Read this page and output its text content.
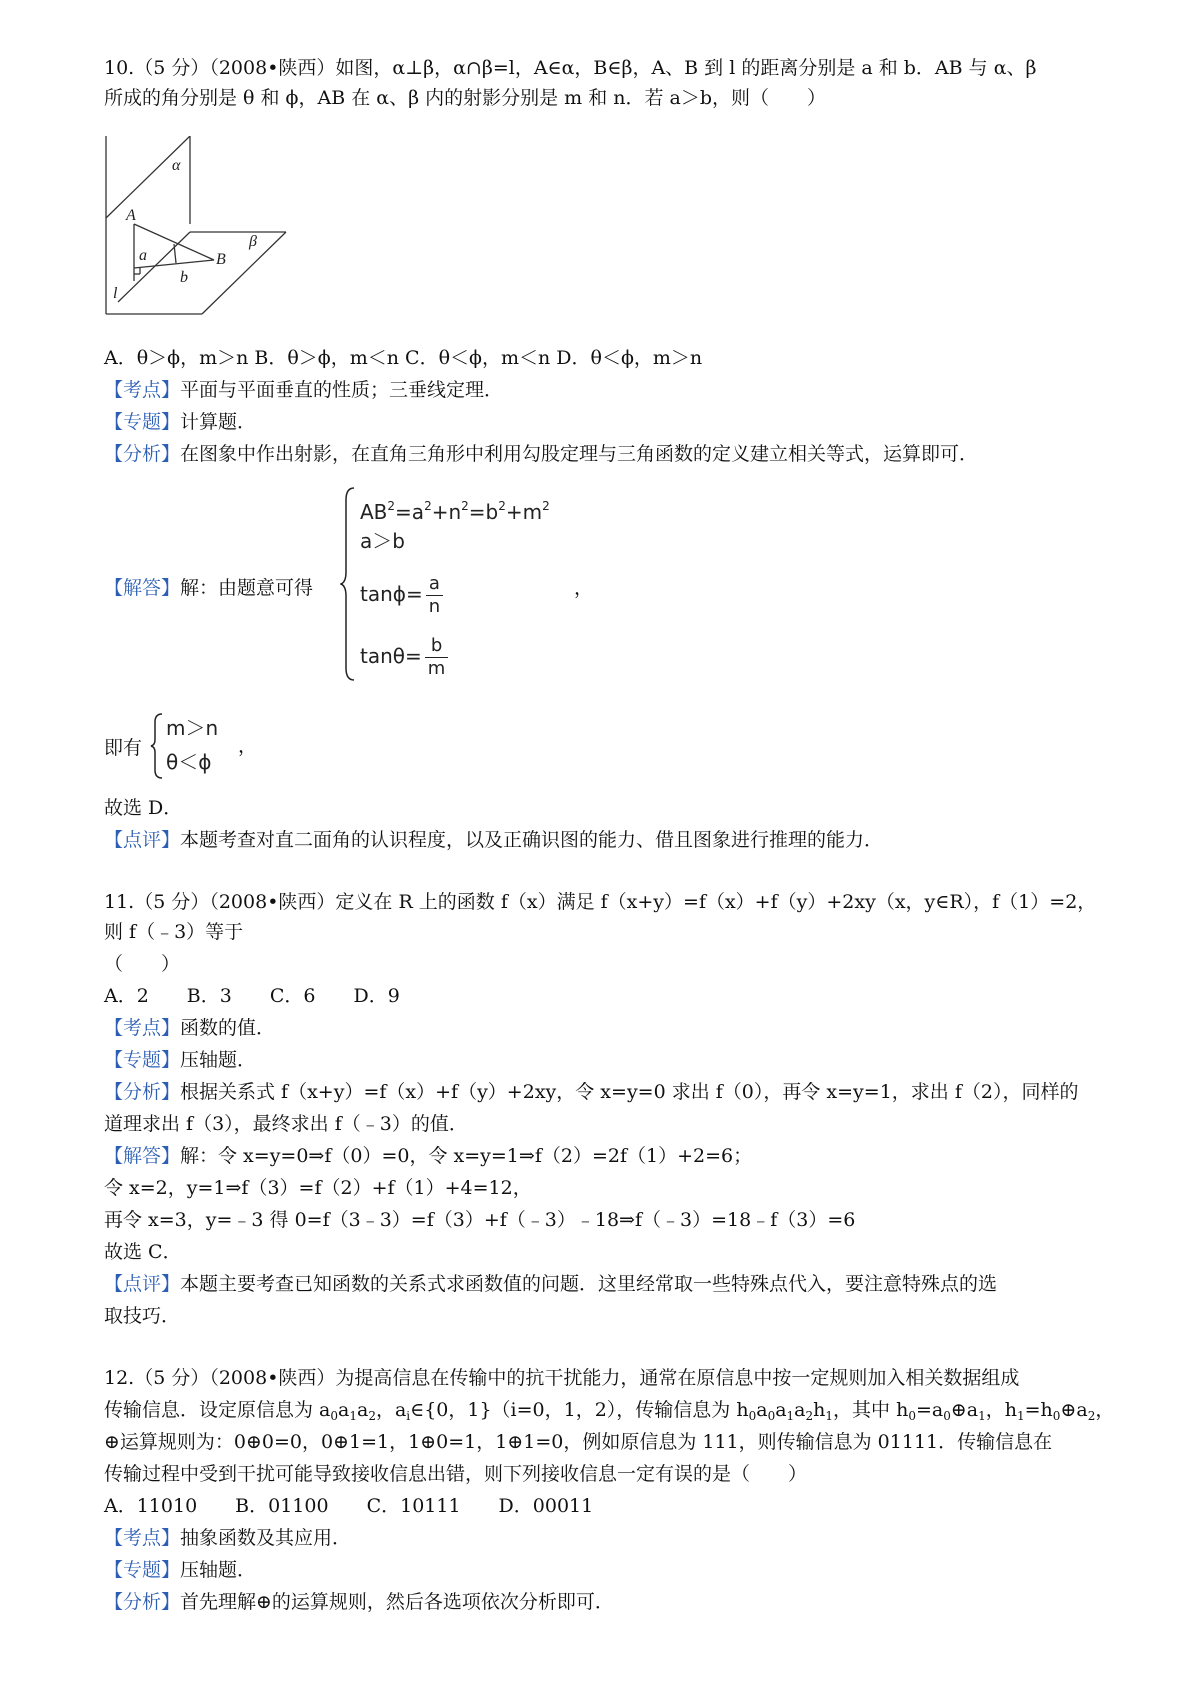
10.（5 分）（2008•陕西）如图，α⊥β，α∩β=l，A∈α，B∈β，A、B 到 l 的距离分别是 a 和 b．AB 与 α、β
所成的角分别是 θ 和 ϕ，AB 在 α、β 内的射影分别是 m 和 n．若 a＞b，则（　　）
α
β
A
B
a
b
l
A．θ＞ϕ，m＞n B．θ＞ϕ，m＜n C．θ＜ϕ，m＜n D．θ＜ϕ，m＞n
【考点】平面与平面垂直的性质；三垂线定理．
【专题】计算题．
【分析】在图象中作出射影，在直角三角形中利用勾股定理与三角函数的定义建立相关等式，运算即可．
【解答】解：由题意可得
$AB^2=a^2+n^2=b^2+m^2$
a＞b
$\tan\phi= \frac{a}{n}$
$\tan\theta= \frac{b}{m}$
，
即有
m＞n
θ＜ϕ
，
故选 D．
【点评】本题考查对直二面角的认识程度，以及正确识图的能力、借且图象进行推理的能力．
11.（5 分）（2008•陕西）定义在 R 上的函数 f（x）满足 f（x+y）=f（x）+f（y）+2xy（x，y∈R），f（1）=2，
则 f（﹣3）等于
（　　）
A．2　　B．3　　C．6　　D．9
【考点】函数的值．
【专题】压轴题．
【分析】根据关系式 f（x+y）=f（x）+f（y）+2xy，令 x=y=0 求出 f（0），再令 x=y=1，求出 f（2），同样的
道理求出 f（3），最终求出 f（﹣3）的值．
【解答】解：令 x=y=0⇒f（0）=0，令 x=y=1⇒f（2）=2f（1）+2=6；
令 x=2，y=1⇒f（3）=f（2）+f（1）+4=12，
再令 x=3，y=﹣3 得 0=f（3﹣3）=f（3）+f（﹣3）﹣18⇒f（﹣3）=18﹣f（3）=6
故选 C．
【点评】本题主要考查已知函数的关系式求函数值的问题．这里经常取一些特殊点代入，要注意特殊点的选
取技巧．
12.（5 分）（2008•陕西）为提高信息在传输中的抗干扰能力，通常在原信息中按一定规则加入相关数据组成
传输信息．设定原信息为 $a_0a_1a_2$，$a_i\in\{0$，1}（i=0，1，2），传输信息为 $h_0a_0a_1a_2h_1$，其中 $h_0=a_0\oplus a_1$，$h_1=h_0\oplus a_2$，
⊕运算规则为：0⊕0=0，0⊕1=1，1⊕0=1，1⊕1=0，例如原信息为 111，则传输信息为 01111．传输信息在
传输过程中受到干扰可能导致接收信息出错，则下列接收信息一定有误的是（　　）
A．11010　　B．01100　　C．10111　　D．00011
【考点】抽象函数及其应用．
【专题】压轴题．
【分析】首先理解⊕的运算规则，然后各选项依次分析即可．
